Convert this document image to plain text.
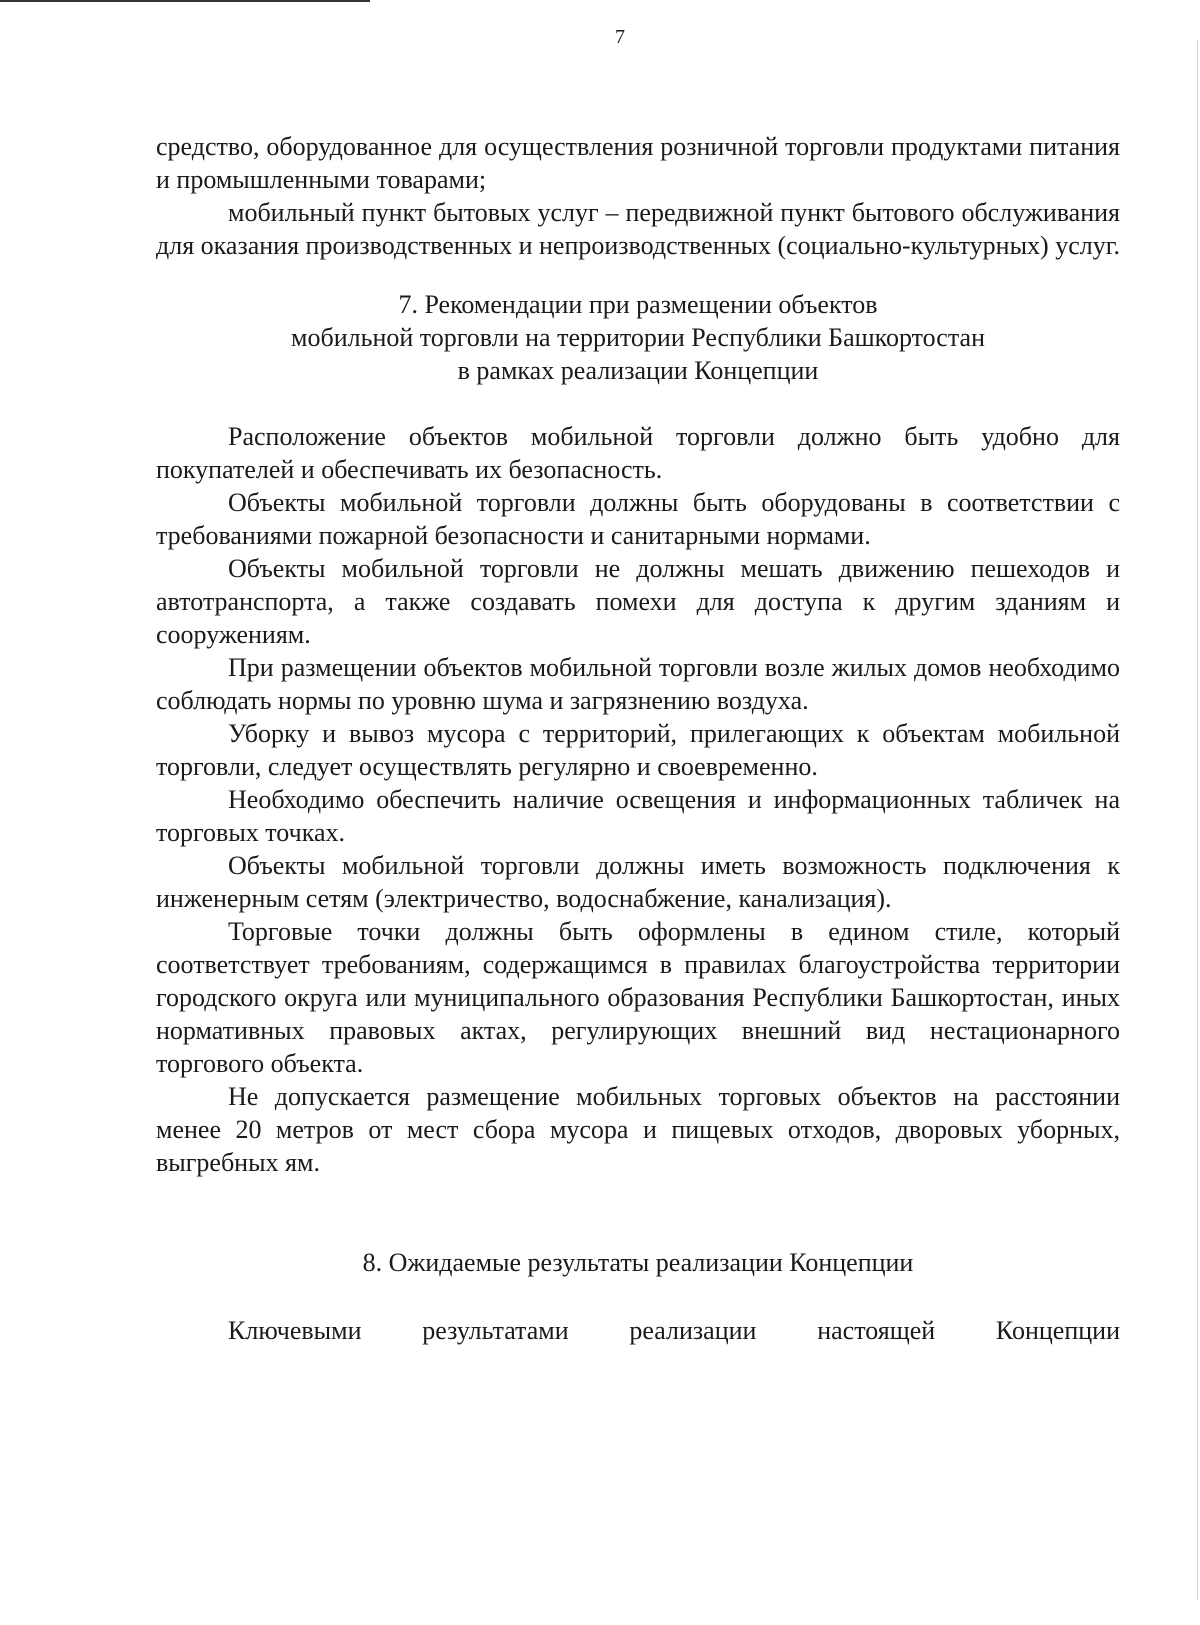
7

средство, оборудованное для осуществления розничной торговли продуктами питания и промышленными товарами;

мобильный пункт бытовых услуг – передвижной пункт бытового обслуживания для оказания производственных и непроизводственных (социально-культурных) услуг.

7. Рекомендации при размещении объектов
мобильной торговли на территории Республики Башкортостан
в рамках реализации Концепции

Расположение объектов мобильной торговли должно быть удобно для покупателей и обеспечивать их безопасность.

Объекты мобильной торговли должны быть оборудованы в соответствии с требованиями пожарной безопасности и санитарными нормами.

Объекты мобильной торговли не должны мешать движению пешеходов и автотранспорта, а также создавать помехи для доступа к другим зданиям и сооружениям.

При размещении объектов мобильной торговли возле жилых домов необходимо соблюдать нормы по уровню шума и загрязнению воздуха.

Уборку и вывоз мусора с территорий, прилегающих к объектам мобильной торговли, следует осуществлять регулярно и своевременно.

Необходимо обеспечить наличие освещения и информационных табличек на торговых точках.

Объекты мобильной торговли должны иметь возможность подключения к инженерным сетям (электричество, водоснабжение, канализация).

Торговые точки должны быть оформлены в едином стиле, который соответствует требованиям, содержащимся в правилах благоустройства территории городского округа или муниципального образования Республики Башкортостан, иных нормативных правовых актах, регулирующих внешний вид нестационарного торгового объекта.

Не допускается размещение мобильных торговых объектов на расстоянии менее 20 метров от мест сбора мусора и пищевых отходов, дворовых уборных, выгребных ям.

8. Ожидаемые результаты реализации Концепции

Ключевыми результатами реализации настоящей Концепции
